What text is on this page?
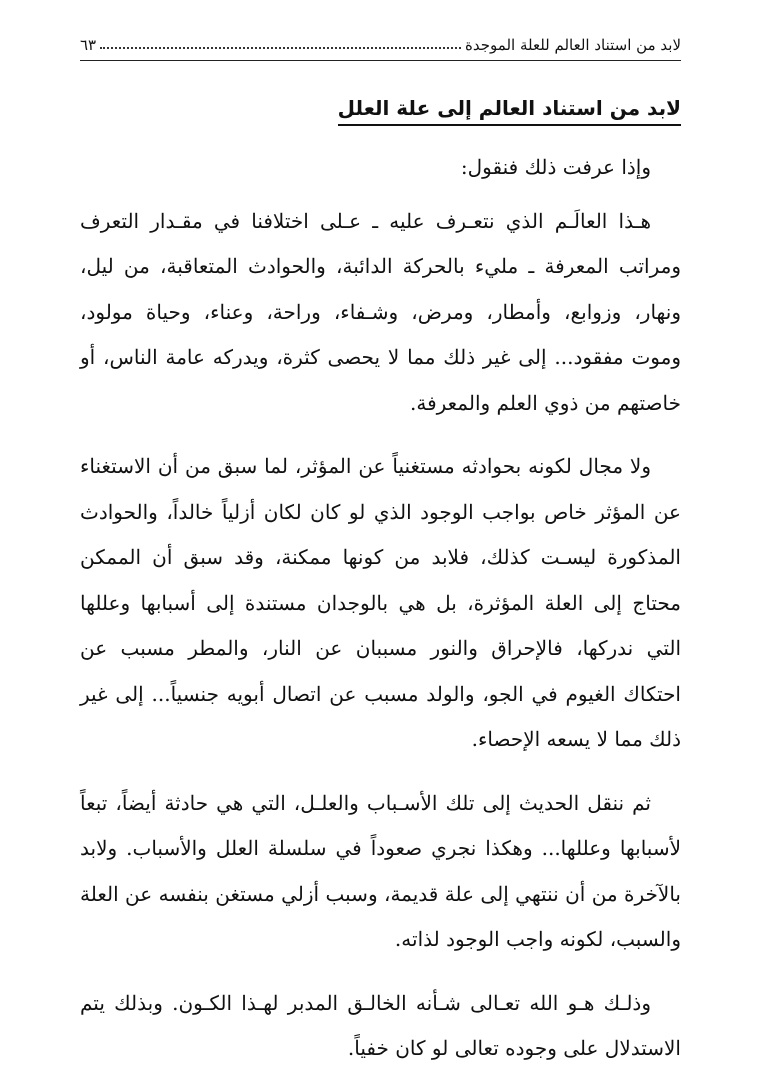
لابد من استناد العالم للعلة الموجدة
٦٣
لابد من استناد العالم إلى علة العلل

وإذا عرفت ذلك فنقول:

هـذا العالَـم الذي نتعـرف عليه ـ عـلى اختلافنا في مقـدار التعرف ومراتب المعرفة ـ مليء بالحركة الدائبة، والحوادث المتعاقبة، من ليل، ونهار، وزوابع، وأمطار، ومرض، وشـفاء، وراحة، وعناء، وحياة مولود، وموت مفقود... إلى غير ذلك مما لا يحصى كثرة، ويدركه عامة الناس، أو خاصتهم من ذوي العلم والمعرفة.

ولا مجال لكونه بحوادثه مستغنياً عن المؤثر، لما سبق من أن الاستغناء عن المؤثر خاص بواجب الوجود الذي لو كان لكان أزلياً خالداً، والحوادث المذكورة ليسـت كذلك، فلابد من كونها ممكنة، وقد سبق أن الممكن محتاج إلى العلة المؤثرة، بل هي بالوجدان مستندة إلى أسبابها وعللها التي ندركها، فالإحراق والنور مسببان عن النار، والمطر مسبب عن احتكاك الغيوم في الجو، والولد مسبب عن اتصال أبويه جنسياً... إلى غير ذلك مما لا يسعه الإحصاء.

ثم ننقل الحديث إلى تلك الأسـباب والعلـل، التي هي حادثة أيضاً، تبعاً لأسبابها وعللها... وهكذا نجري صعوداً في سلسلة العلل والأسباب. ولابد بالآخرة من أن ننتهي إلى علة قديمة، وسبب أزلي مستغن بنفسه عن العلة والسبب، لكونه واجب الوجود لذاته.

وذلـك هـو الله تعـالى شـأنه الخالـق المدبر لهـذا الكـون. وبذلك يتم الاستدلال على وجوده تعالى لو كان خفياً.
